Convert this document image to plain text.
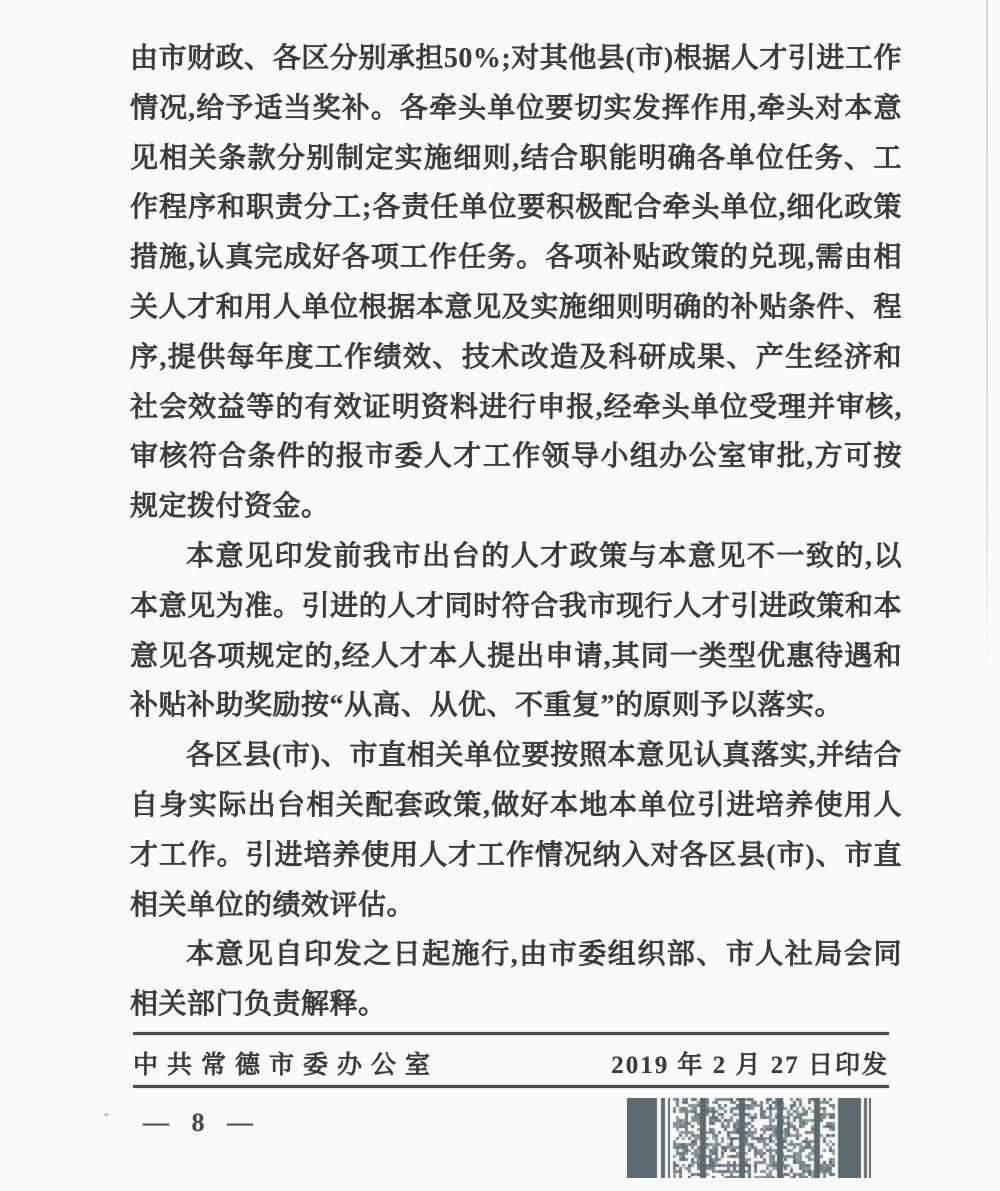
由市财政、各区分别承担50%;对其他县(市)根据人才引进工作情况,给予适当奖补。各牵头单位要切实发挥作用,牵头对本意见相关条款分别制定实施细则,结合职能明确各单位任务、工作程序和职责分工;各责任单位要积极配合牵头单位,细化政策措施,认真完成好各项工作任务。各项补贴政策的兑现,需由相关人才和用人单位根据本意见及实施细则明确的补贴条件、程序,提供每年度工作绩效、技术改造及科研成果、产生经济和社会效益等的有效证明资料进行申报,经牵头单位受理并审核,审核符合条件的报市委人才工作领导小组办公室审批,方可按规定拨付资金。

本意见印发前我市出台的人才政策与本意见不一致的,以本意见为准。引进的人才同时符合我市现行人才引进政策和本意见各项规定的,经人才本人提出申请,其同一类型优惠待遇和补贴补助奖励按“从高、从优、不重复”的原则予以落实。

各区县(市)、市直相关单位要按照本意见认真落实,并结合自身实际出台相关配套政策,做好本地本单位引进培养使用人才工作。引进培养使用人才工作情况纳入对各区县(市)、市直相关单位的绩效评估。

本意见自印发之日起施行,由市委组织部、市人社局会同相关部门负责解释。

中共常德市委办公室	2019 年 2 月 27 日印发
— 8 —
